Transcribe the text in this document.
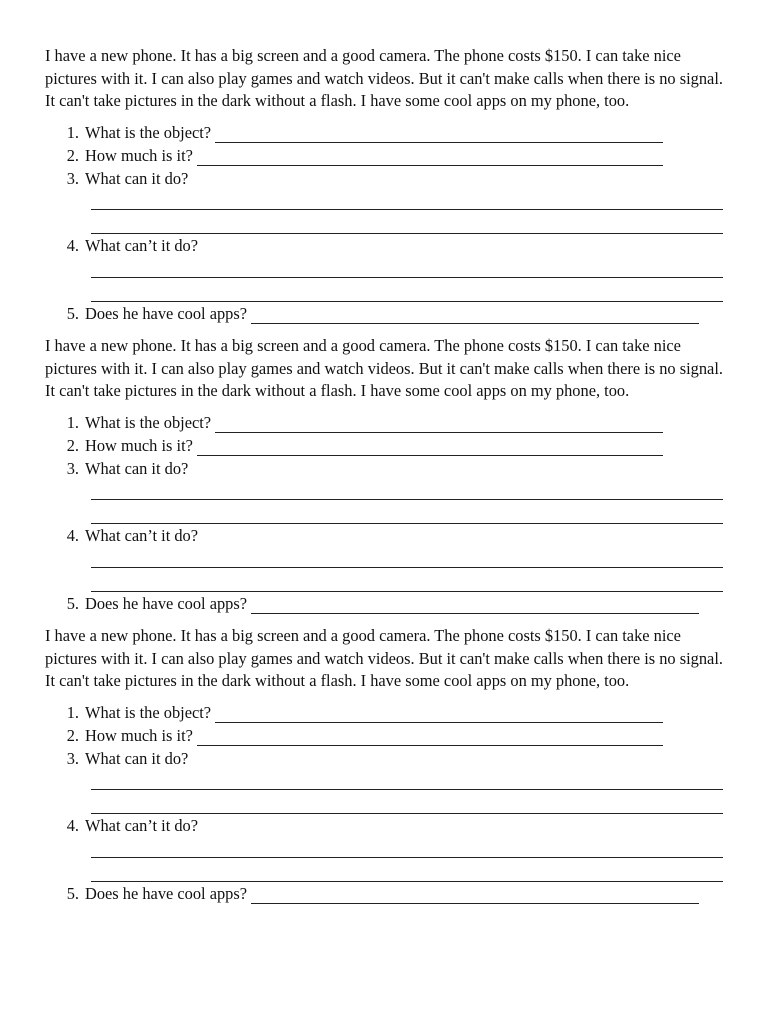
I have a new phone. It has a big screen and a good camera. The phone costs $150. I can take nice pictures with it. I can also play games and watch videos. But it can't make calls when there is no signal. It can't take pictures in the dark without a flash. I have some cool apps on my phone, too.

1. What is the object?
2. How much is it?
3. What can it do?
4. What can’t it do?
5. Does he have cool apps?

I have a new phone. It has a big screen and a good camera. The phone costs $150. I can take nice pictures with it. I can also play games and watch videos. But it can't make calls when there is no signal. It can't take pictures in the dark without a flash. I have some cool apps on my phone, too.

1. What is the object?
2. How much is it?
3. What can it do?
4. What can’t it do?
5. Does he have cool apps?

I have a new phone. It has a big screen and a good camera. The phone costs $150. I can take nice pictures with it. I can also play games and watch videos. But it can't make calls when there is no signal. It can't take pictures in the dark without a flash. I have some cool apps on my phone, too.

1. What is the object?
2. How much is it?
3. What can it do?
4. What can’t it do?
5. Does he have cool apps?
